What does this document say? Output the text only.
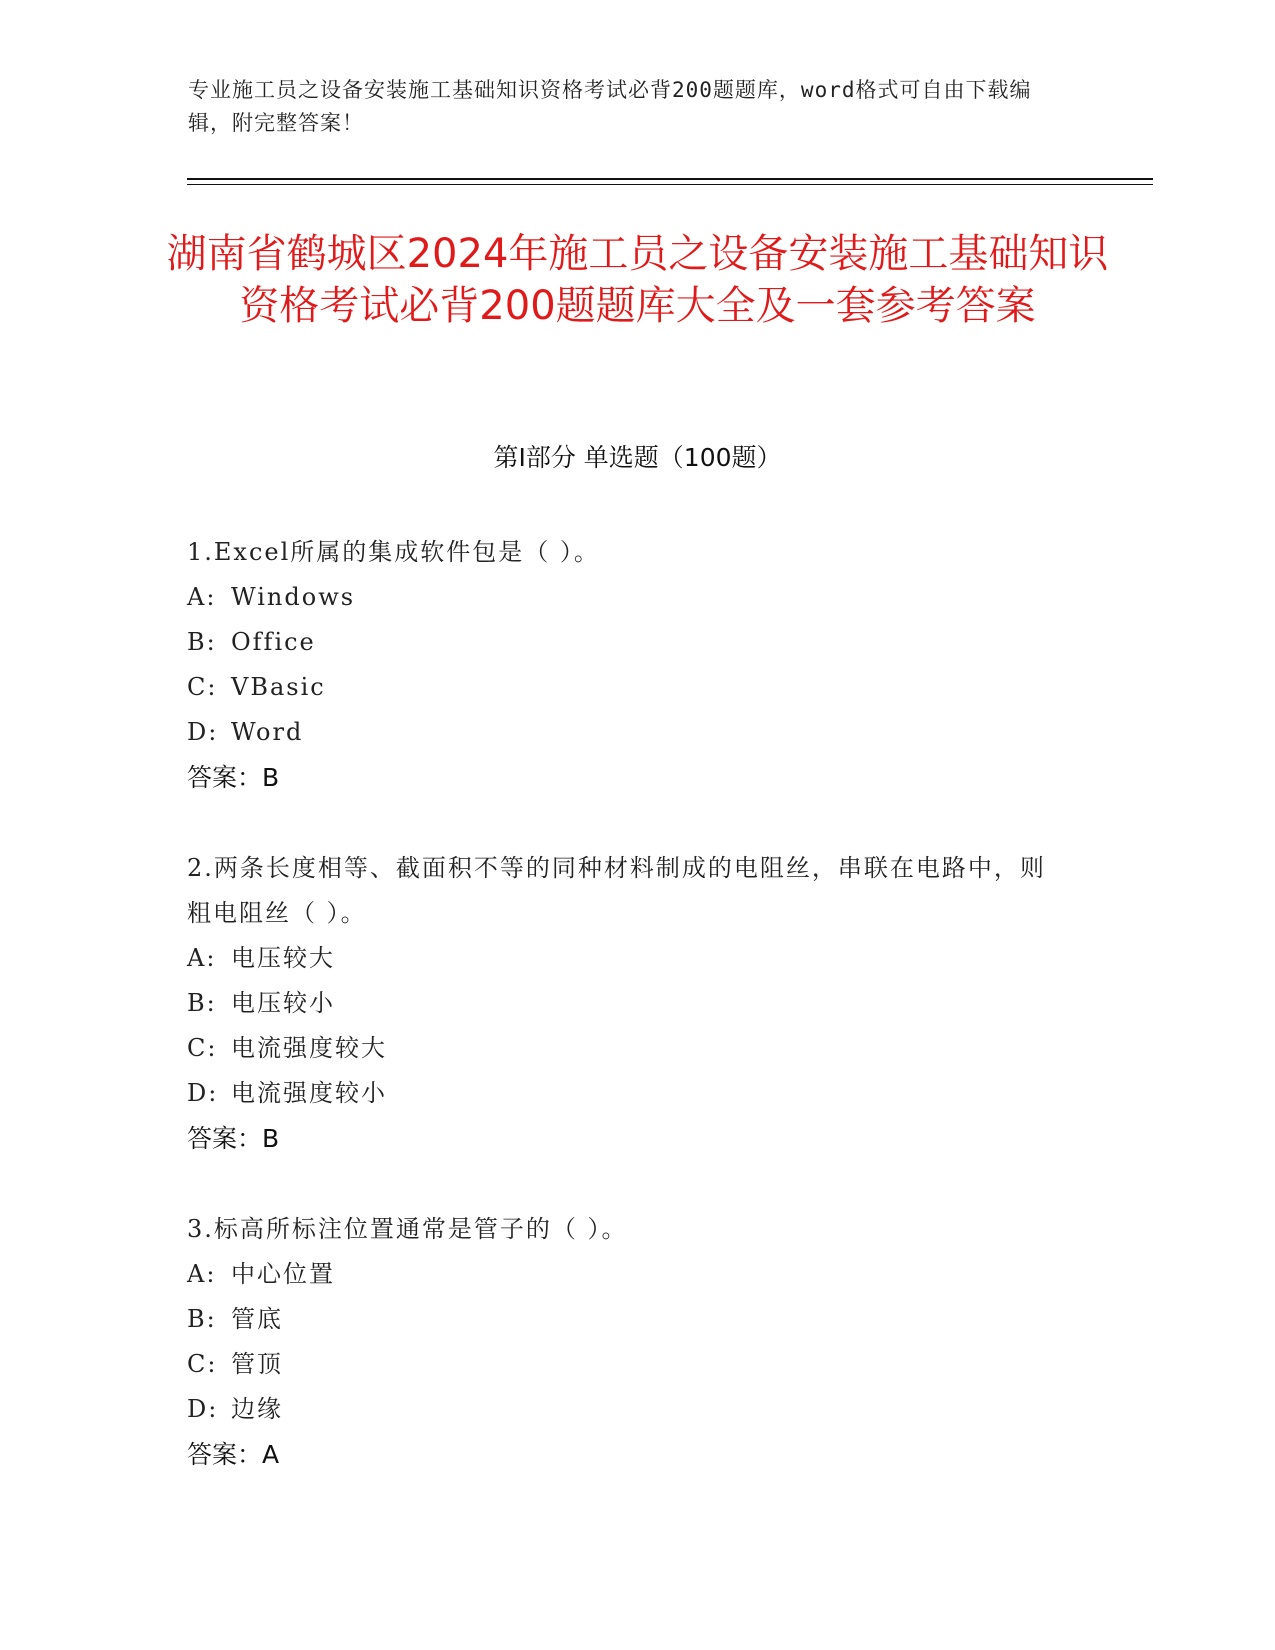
专业施工员之设备安装施工基础知识资格考试必背200题题库，word格式可自由下载编辑，附完整答案！
湖南省鹤城区2024年施工员之设备安装施工基础知识资格考试必背200题题库大全及一套参考答案
第Ⅰ部分 单选题（100题）
1.Excel所属的集成软件包是（ ）。
A: Windows
B: Office
C: VBasic
D: Word
答案：B
2.两条长度相等、截面积不等的同种材料制成的电阻丝，串联在电路中，则粗电阻丝（ ）。
A: 电压较大
B: 电压较小
C: 电流强度较大
D: 电流强度较小
答案：B
3.标高所标注位置通常是管子的（ ）。
A: 中心位置
B: 管底
C: 管顶
D: 边缘
答案：A
